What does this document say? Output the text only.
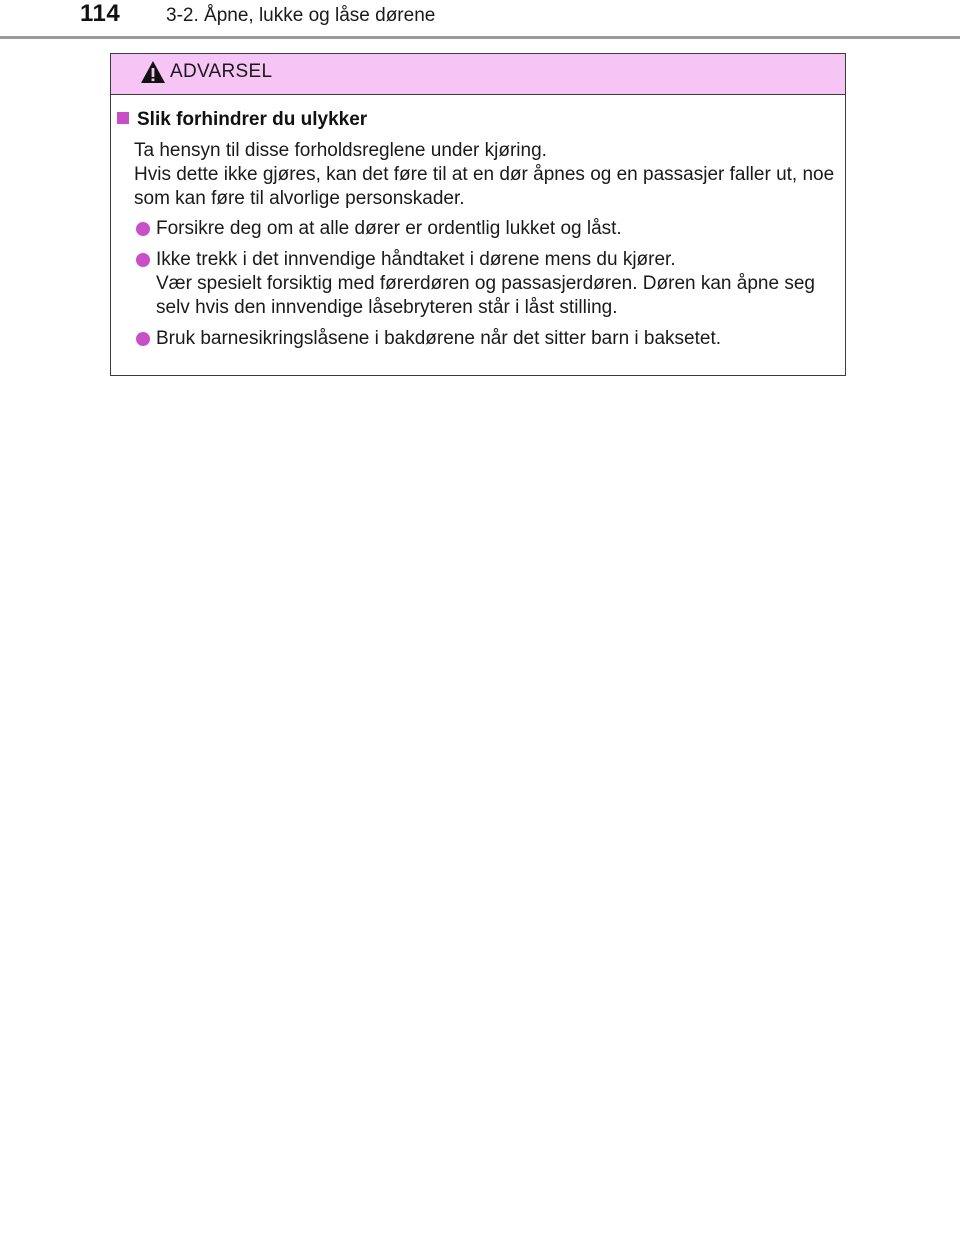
114 3-2. Åpne, lukke og låse dørene
ADVARSEL
Slik forhindrer du ulykker
Ta hensyn til disse forholdsreglene under kjøring.
Hvis dette ikke gjøres, kan det føre til at en dør åpnes og en passasjer faller ut, noe som kan føre til alvorlige personskader.
Forsikre deg om at alle dører er ordentlig lukket og låst.
Ikke trekk i det innvendige håndtaket i dørene mens du kjører.
Vær spesielt forsiktig med førerdøren og passasjerdøren. Døren kan åpne seg selv hvis den innvendige låsebryteren står i låst stilling.
Bruk barnesikringslåsene i bakdørene når det sitter barn i baksetet.
